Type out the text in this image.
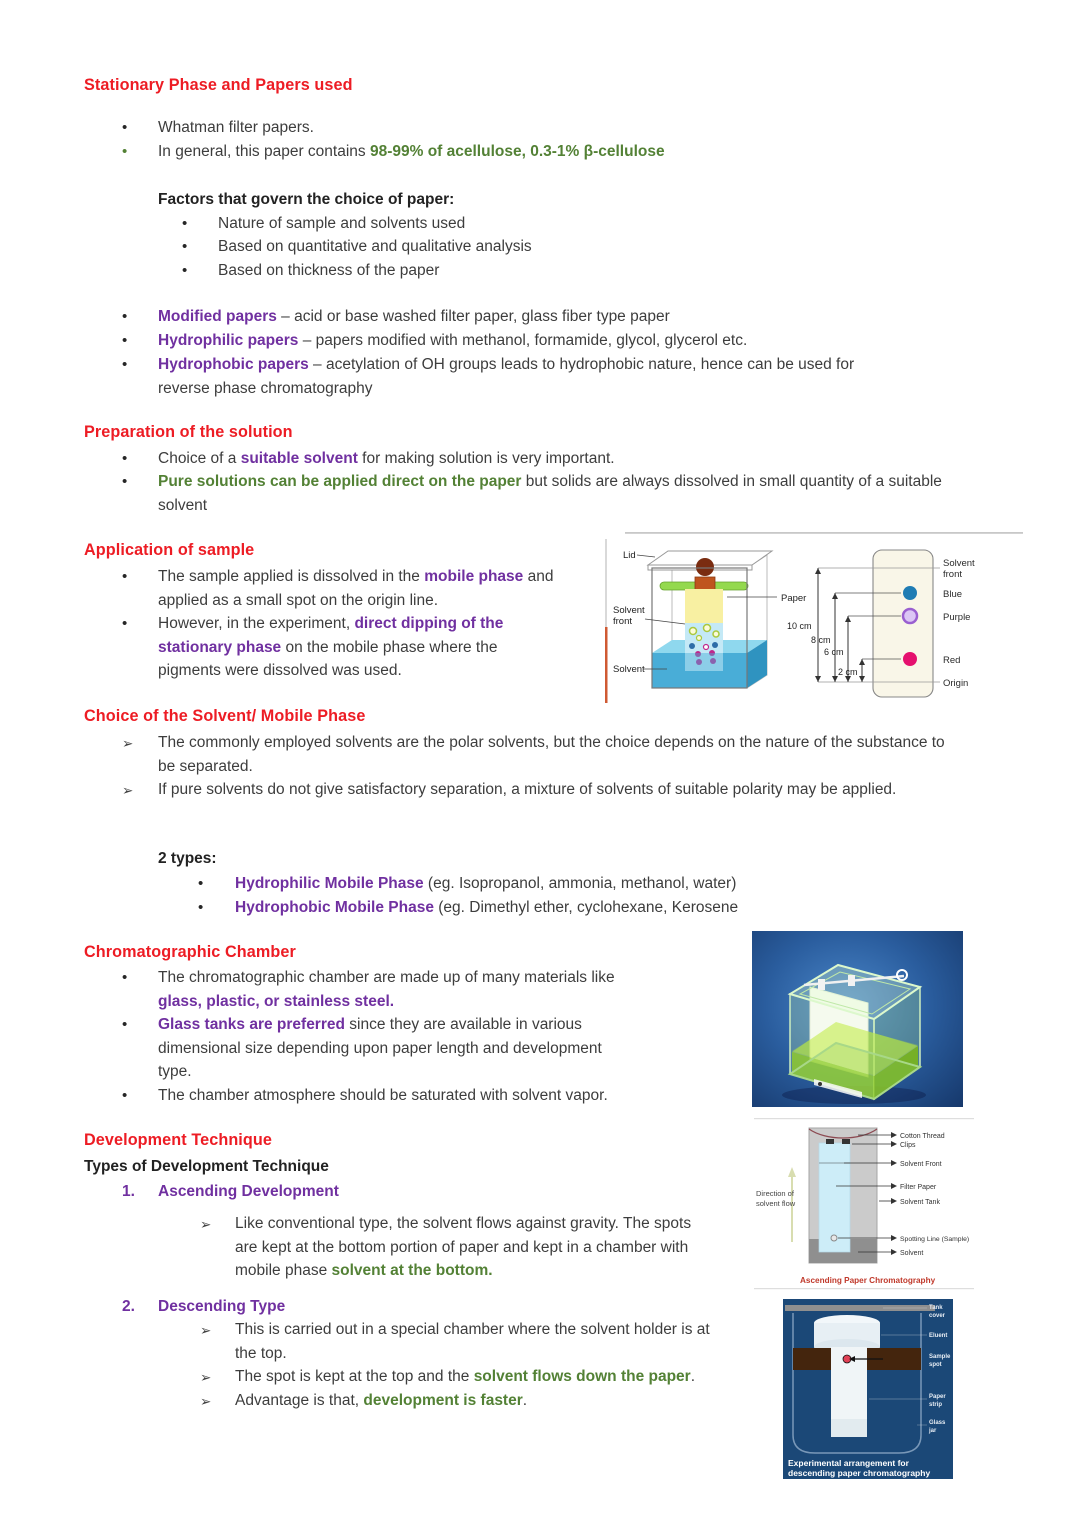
Stationary Phase and Papers used
•	Whatman filter papers.
•	In general, this paper contains 98-99% of acellulose, 0.3-1% β-cellulose
Factors that govern the choice of paper:
•	Nature of sample and solvents used
•	Based on quantitative and qualitative analysis
•	Based on thickness of the paper
•	Modified papers – acid or base washed filter paper, glass fiber type paper
•	Hydrophilic papers – papers modified with methanol, formamide, glycol, glycerol etc.
•	Hydrophobic papers – acetylation of OH groups leads to hydrophobic nature, hence can be used for reverse phase chromatography
Preparation of the solution
•	Choice of a suitable solvent for making solution is very important.
•	Pure solutions can be applied direct on the paper but solids are always dissolved in small quantity of a suitable solvent
Application of sample
•	The sample applied is dissolved in the mobile phase and applied as a small spot on the origin line.
•	However, in the experiment, direct dipping of the stationary phase on the mobile phase where the pigments were dissolved was used.
Lid
Paper
Solvent
front
Solvent
10 cm
8 cm
6 cm
2 cm
Solvent
front
Blue
Purple
Red
Origin
Choice of the Solvent/ Mobile Phase
➢	The commonly employed solvents are the polar solvents, but the choice depends on the nature of the substance to be separated.
➢	If pure solvents do not give satisfactory separation, a mixture of solvents of suitable polarity may be applied.
2 types:
•	Hydrophilic Mobile Phase (eg. Isopropanol, ammonia, methanol, water)
•	Hydrophobic Mobile Phase (eg. Dimethyl ether, cyclohexane, Kerosene
Chromatographic Chamber
•	The chromatographic chamber are made up of many materials like glass, plastic, or stainless steel.
•	Glass tanks are preferred since they are available in various dimensional size depending upon paper length and development type.
•	The chamber atmosphere should be saturated with solvent vapor.
Development Technique
Types of Development Technique
1.	Ascending Development
➢	Like conventional type, the solvent flows against gravity. The spots are kept at the bottom portion of paper and kept in a chamber with mobile phase solvent at the bottom.
2.	Descending Type
➢	This is carried out in a special chamber where the solvent holder is at the top.
➢	The spot is kept at the top and the solvent flows down the paper.
➢	Advantage is that, development is faster.
Direction of
solvent flow
Cotton Thread
Clips
Solvent Front
Filter Paper
Solvent Tank
Spotting Line (Sample)
Solvent
Ascending Paper Chromatography
Tank
cover
Eluent
Sample
spot
Paper
strip
Glass
jar
Experimental arrangement for
descending paper chromatography
